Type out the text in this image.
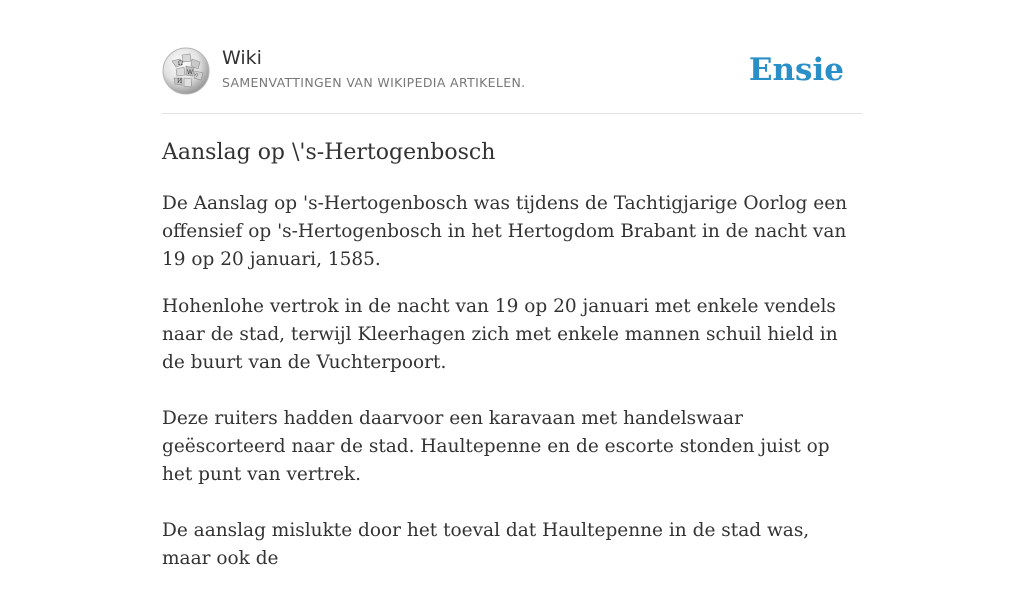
Ω
W
И
ウ
Wiki
SAMENVATTINGEN VAN WIKIPEDIA ARTIKELEN.	Ensie
Aanslag op \'s-Hertogenbosch

De Aanslag op 's-Hertogenbosch was tijdens de Tachtigjarige Oorlog een offensief op 's-Hertogenbosch in het Hertogdom Brabant in de nacht van 19 op 20 januari, 1585.

Hohenlohe vertrok in de nacht van 19 op 20 januari met enkele vendels naar de stad, terwijl Kleerhagen zich met enkele mannen schuil hield in de buurt van de Vuchterpoort.

Deze ruiters hadden daarvoor een karavaan met handelswaar geëscorteerd naar de stad. Haultepenne en de escorte stonden juist op het punt van vertrek.

De aanslag mislukte door het toeval dat Haultepenne in de stad was, maar ook de
